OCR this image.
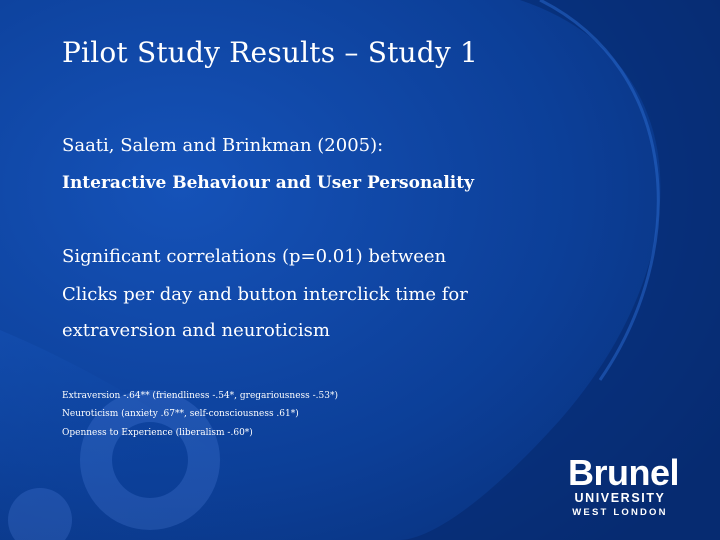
Pilot Study Results – Study 1
Saati, Salem and Brinkman (2005):
Interactive Behaviour and User Personality
Significant correlations (p=0.01) between
Clicks per day and button interclick time for
extraversion and neuroticism
Extraversion -.64** (friendliness -.54*, gregariousness -.53*)
Neuroticism (anxiety .67**, self-consciousness .61*)
Openness to Experience (liberalism -.60*)
Brunel
UNIVERSITY
WEST LONDON
